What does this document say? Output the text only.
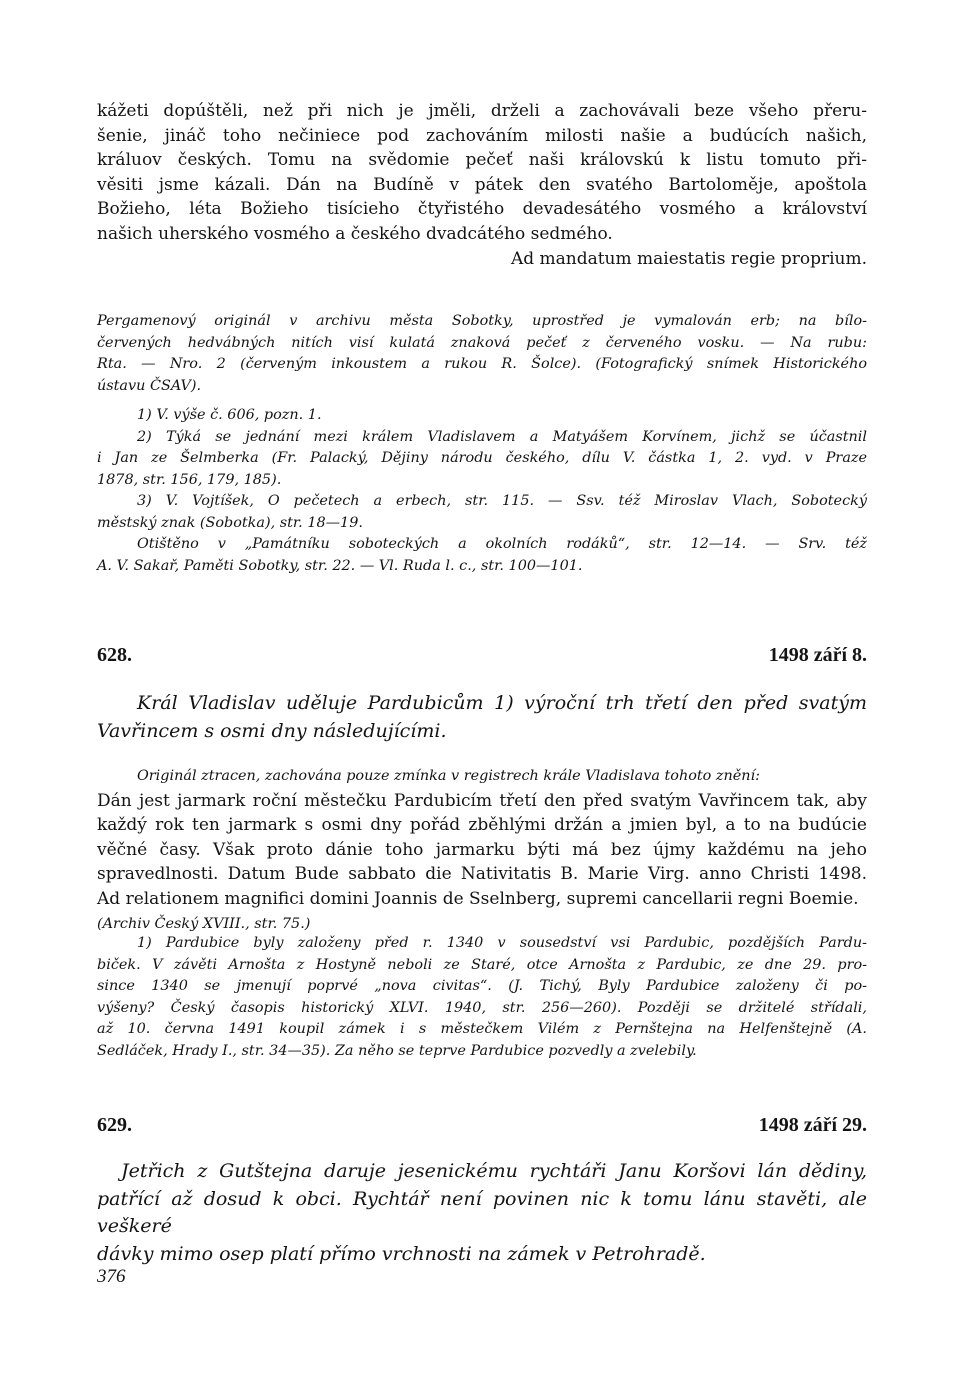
kážeti dopúštěli, než při nich je jměli, drželi a zachovávali beze všeho přeru-
šenie, jináč toho nečiniece pod zachováním milosti našie a budúcích našich,
králuov českých. Tomu na svědomie pečeť naši královskú k listu tomuto při-
věsiti jsme kázali. Dán na Budíně v pátek den svatého Bartoloměje, apoštola
Božieho, léta Božieho tisícieho čtyřistého devadesátého vosmého a království
našich uherského vosmého a českého dvadcátého sedmého.
Ad mandatum maiestatis regie proprium.
Pergamenový originál v archivu města Sobotky, uprostřed je vymalován erb; na bílo-
červených hedvábných nitích visí kulatá znaková pečeť z červeného vosku. — Na rubu:
Rta. — Nro. 2 (červeným inkoustem a rukou R. Šolce). (Fotografický snímek Historického
ústavu ČSAV).
1) V. výše č. 606, pozn. 1.
2) Týká se jednání mezi králem Vladislavem a Matyášem Korvínem, jichž se účastnil
i Jan ze Šelmberka (Fr. Palacký, Dějiny národu českého, dílu V. částka 1, 2. vyd. v Praze
1878, str. 156, 179, 185).
3) V. Vojtíšek, O pečetech a erbech, str. 115. — Ssv. též Miroslav Vlach, Sobotecký
městský znak (Sobotka), str. 18—19.
Otištěno v „Památníku soboteckých a okolních rodáků“, str. 12—14. — Srv. též
A. V. Sakař, Paměti Sobotky, str. 22. — Vl. Ruda l. c., str. 100—101.
628.	1498 září 8.
Král Vladislav uděluje Pardubicům 1) výroční trh třetí den před svatým
Vavřincem s osmi dny následujícími.
Originál ztracen, zachována pouze zmínka v registrech krále Vladislava tohoto znění:
Dán jest jarmark roční městečku Pardubicím třetí den před svatým Vavřincem tak, aby
každý rok ten jarmark s osmi dny pořád zběhlými držán a jmien byl, a to na budúcie
věčné časy. Však proto dánie toho jarmarku býti má bez újmy každému na jeho
spravedlnosti. Datum Bude sabbato die Nativitatis B. Marie Virg. anno Christi 1498.
Ad relationem magnifici domini Joannis de Sselnberg, supremi cancellarii regni Boemie.
(Archiv Český XVIII., str. 75.)
1) Pardubice byly založeny před r. 1340 v sousedství vsi Pardubic, pozdějších Pardu-
biček. V závěti Arnošta z Hostyně neboli ze Staré, otce Arnošta z Pardubic, ze dne 29. pro-
since 1340 se jmenují poprvé „nova civitas“. (J. Tichý, Byly Pardubice založeny či po-
výšeny? Český časopis historický XLVI. 1940, str. 256—260). Později se držitelé střídali,
až 10. června 1491 koupil zámek i s městečkem Vilém z Pernštejna na Helfenštejně (A.
Sedláček, Hrady I., str. 34—35). Za něho se teprve Pardubice pozvedly a zvelebily.
629.	1498 září 29.
Jetřich z Gutštejna daruje jesenickému rychtáři Janu Koršovi lán dědiny,
patřící až dosud k obci. Rychtář není povinen nic k tomu lánu stavěti, ale veškeré
dávky mimo osep platí přímo vrchnosti na zámek v Petrohradě.
376
